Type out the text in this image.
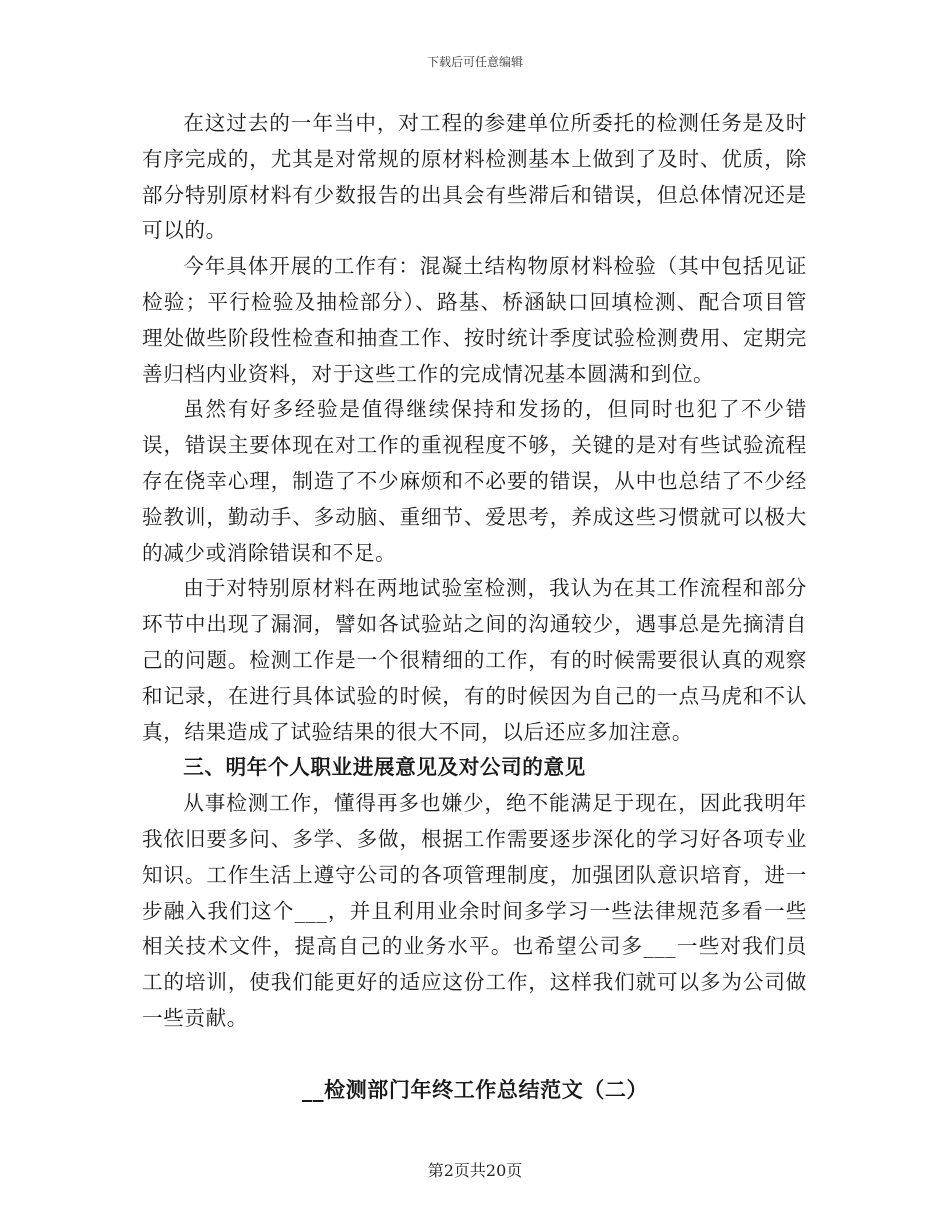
下载后可任意编辑

在这过去的一年当中，对工程的参建单位所委托的检测任务是及时有序完成的，尤其是对常规的原材料检测基本上做到了及时、优质，除部分特别原材料有少数报告的出具会有些滞后和错误，但总体情况还是可以的。

今年具体开展的工作有：混凝土结构物原材料检验（其中包括见证检验；平行检验及抽检部分）、路基、桥涵缺口回填检测、配合项目管理处做些阶段性检查和抽查工作、按时统计季度试验检测费用、定期完善归档内业资料，对于这些工作的完成情况基本圆满和到位。

虽然有好多经验是值得继续保持和发扬的，但同时也犯了不少错误，错误主要体现在对工作的重视程度不够，关键的是对有些试验流程存在侥幸心理，制造了不少麻烦和不必要的错误，从中也总结了不少经验教训，勤动手、多动脑、重细节、爱思考，养成这些习惯就可以极大的减少或消除错误和不足。

由于对特别原材料在两地试验室检测，我认为在其工作流程和部分环节中出现了漏洞，譬如各试验站之间的沟通较少，遇事总是先摘清自己的问题。检测工作是一个很精细的工作，有的时候需要很认真的观察和记录，在进行具体试验的时候，有的时候因为自己的一点马虎和不认真，结果造成了试验结果的很大不同，以后还应多加注意。

三、明年个人职业进展意见及对公司的意见

从事检测工作，懂得再多也嫌少，绝不能满足于现在，因此我明年我依旧要多问、多学、多做，根据工作需要逐步深化的学习好各项专业知识。工作生活上遵守公司的各项管理制度，加强团队意识培育，进一步融入我们这个___，并且利用业余时间多学习一些法律规范多看一些相关技术文件，提高自己的业务水平。也希望公司多___一些对我们员工的培训，使我们能更好的适应这份工作，这样我们就可以多为公司做一些贡献。

__检测部门年终工作总结范文（二）
第2页共20页
